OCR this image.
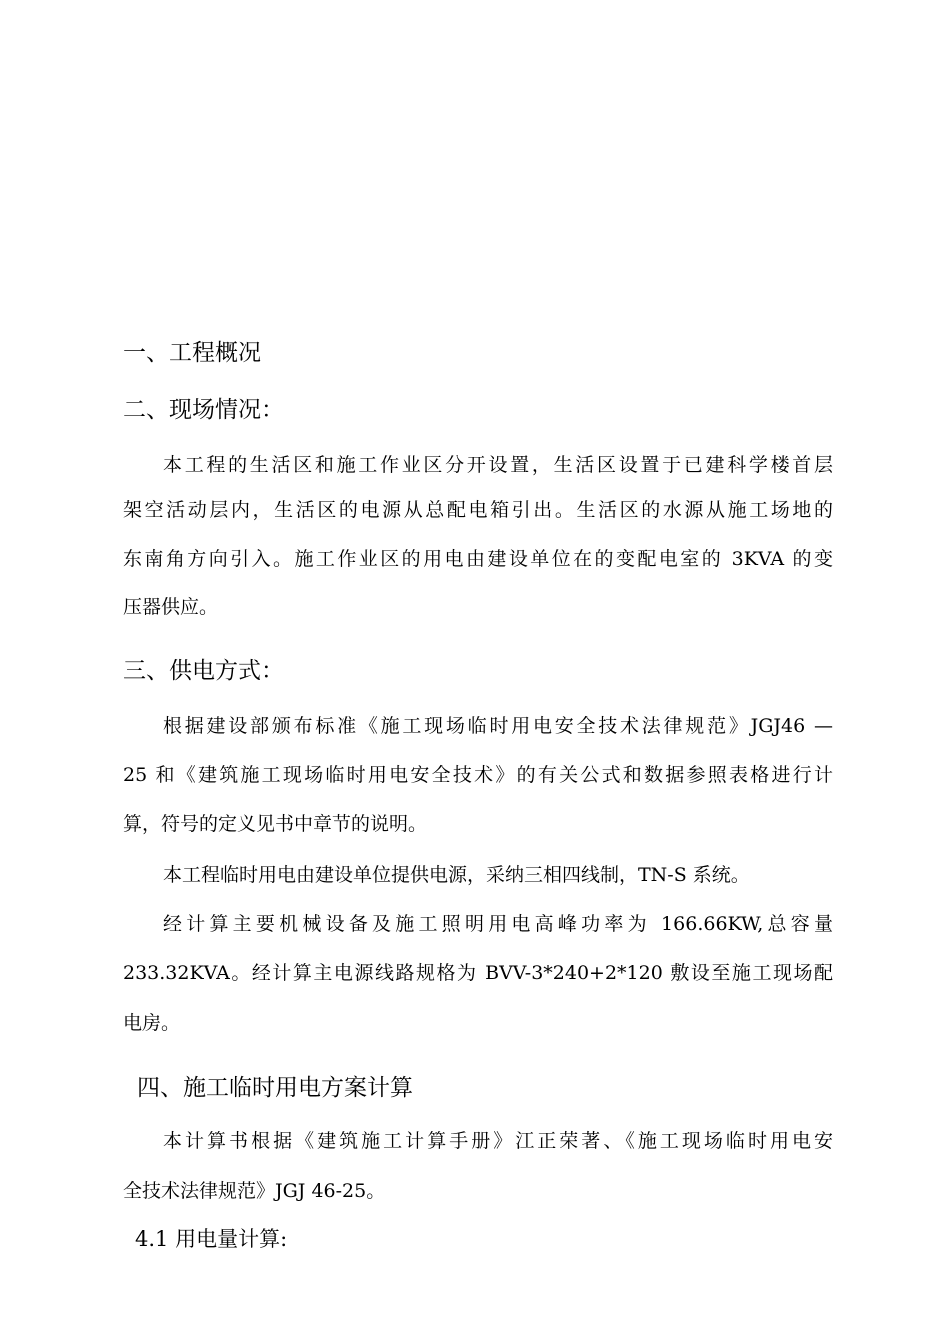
一、工程概况
二、现场情况：
本工程的生活区和施工作业区分开设置，生活区设置于已建科学楼首层
架空活动层内，生活区的电源从总配电箱引出。生活区的水源从施工场地的
东南角方向引入。施工作业区的用电由建设单位在的变配电室的 3KVA 的变
压器供应。
三、供电方式：
根据建设部颁布标准《施工现场临时用电安全技术法律规范》JGJ46 —
25 和《建筑施工现场临时用电安全技术》的有关公式和数据参照表格进行计
算，符号的定义见书中章节的说明。
本工程临时用电由建设单位提供电源，采纳三相四线制，TN-S 系统。
经计算主要机械设备及施工照明用电高峰功率为 166.66KW,总容量
233.32KVA。经计算主电源线路规格为 BVV-3*240+2*120 敷设至施工现场配
电房。
四、施工临时用电方案计算
本计算书根据《建筑施工计算手册》江正荣著、《施工现场临时用电安
全技术法律规范》JGJ 46-25。
4.1 用电量计算:
